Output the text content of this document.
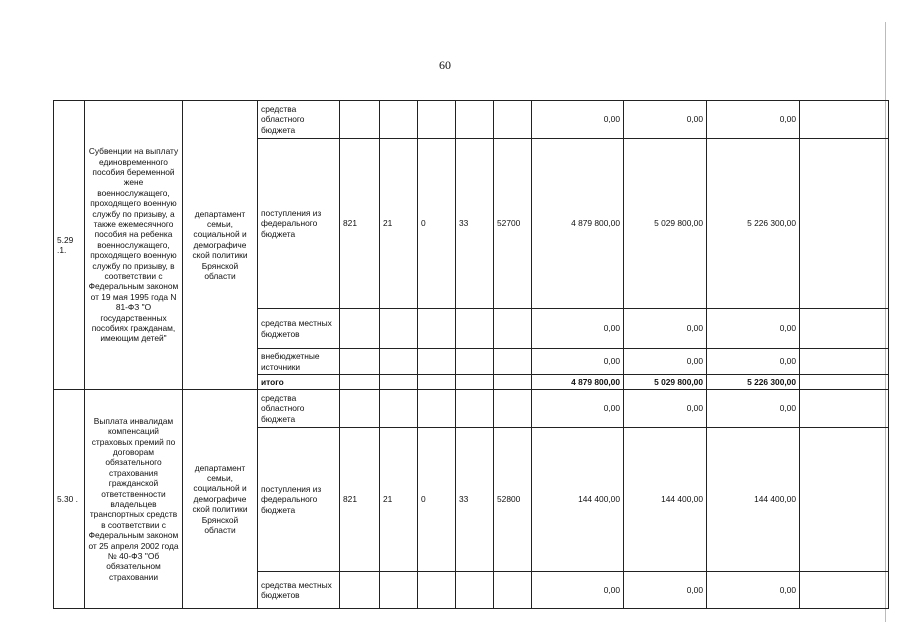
60
5.29 .1.	Субвенции на выплату единовременного пособия беременной жене военнослужащего, проходящего военную службу по призыву, а также ежемесячного пособия на ребенка военнослужащего, проходящего военную службу по призыву, в соответствии с Федеральным законом от 19 мая 1995 года N 81-ФЗ "О государственных пособиях гражданам, имеющим детей"	департамент семьи, социальной и демографиче ской политики Брянской области	средства областного бюджета						0,00	0,00	0,00	
			поступления из федерального бюджета	821	21	0	33	52700	4 879 800,00	5 029 800,00	5 226 300,00	
			средства местных бюджетов						0,00	0,00	0,00	
			внебюджетные источники						0,00	0,00	0,00	
			итого						4 879 800,00	5 029 800,00	5 226 300,00	
5.30 .	Выплата инвалидам компенсаций страховых премий по договорам обязательного страхования гражданской ответственности владельцев транспортных средств в соответствии с Федеральным законом от 25 апреля 2002 года № 40-ФЗ "Об обязательном страховании	департамент семьи, социальной и демографиче ской политики Брянской области	средства областного бюджета						0,00	0,00	0,00	
			поступления из федерального бюджета	821	21	0	33	52800	144 400,00	144 400,00	144 400,00	
			средства местных бюджетов						0,00	0,00	0,00	
